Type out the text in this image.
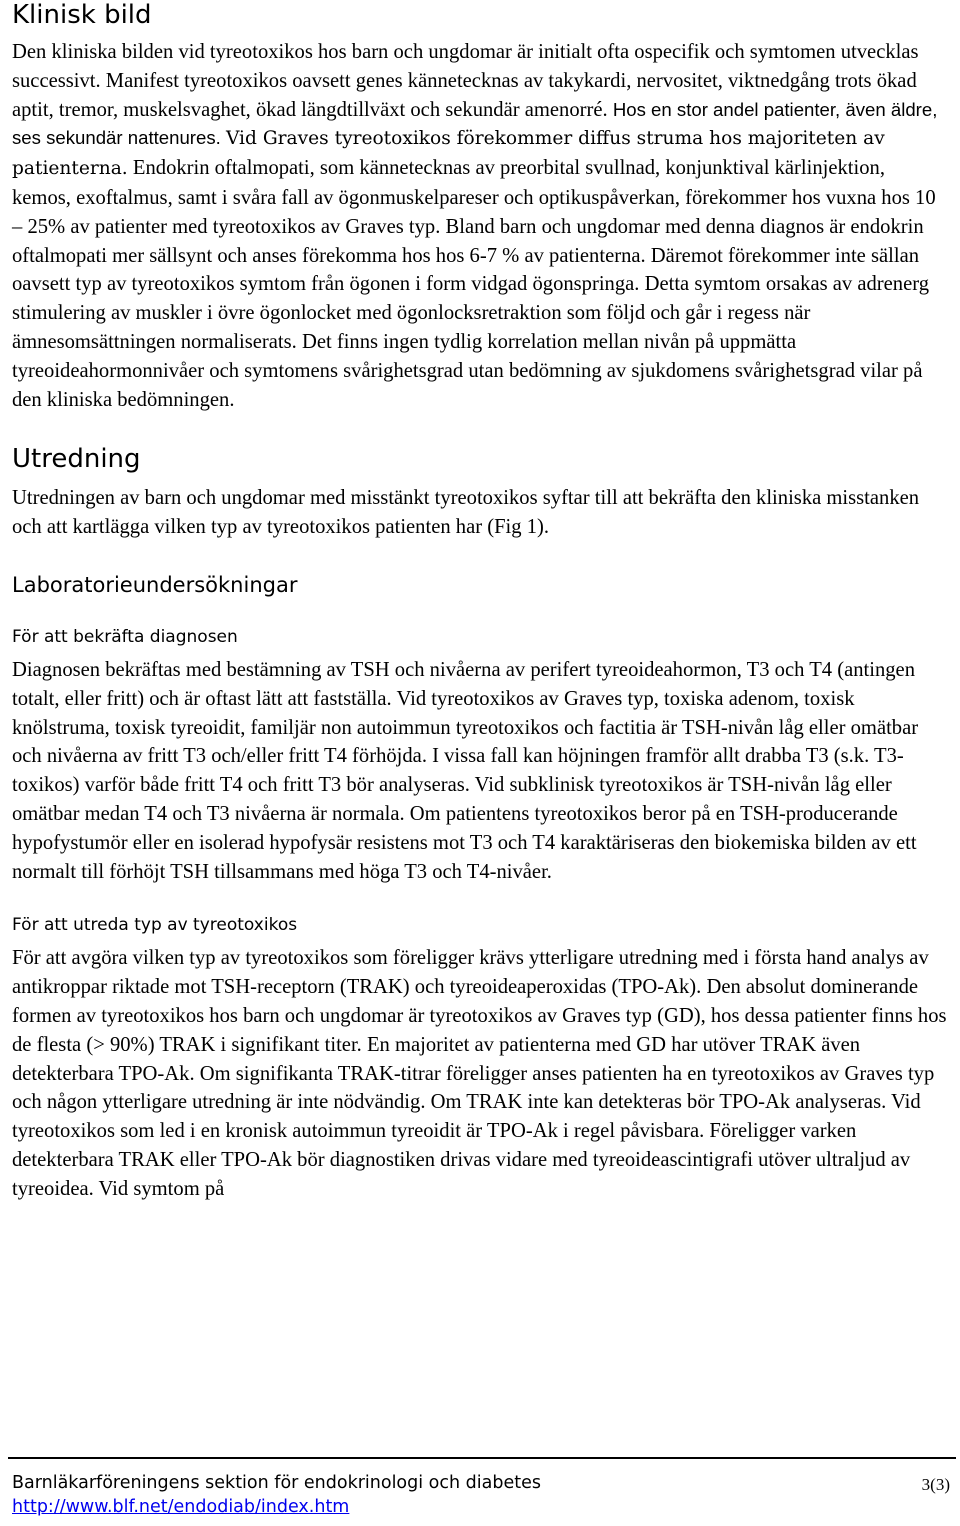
Klinisk bild

Den kliniska bilden vid tyreotoxikos hos barn och ungdomar är initialt ofta ospecifik och symtomen utvecklas successivt. Manifest tyreotoxikos oavsett genes kännetecknas av takykardi, nervositet, viktnedgång trots ökad aptit, tremor, muskelsvaghet, ökad längdtillväxt och sekundär amenorré. Hos en stor andel patienter, även äldre, ses sekundär nattenures. Vid Graves tyreotoxikos förekommer diffus struma hos majoriteten av patienterna. Endokrin oftalmopati, som kännetecknas av preorbital svullnad, konjunktival kärlinjektion, kemos, exoftalmus, samt i svåra fall av ögonmuskelpareser och optikuspåverkan, förekommer hos vuxna hos 10 – 25% av patienter med tyreotoxikos av Graves typ. Bland barn och ungdomar med denna diagnos är endokrin oftalmopati mer sällsynt och anses förekomma hos hos 6-7 % av patienterna. Däremot förekommer inte sällan oavsett typ av tyreotoxikos symtom från ögonen i form vidgad ögonspringa. Detta symtom orsakas av adrenerg stimulering av muskler i övre ögonlocket med ögonlocksretraktion som följd och går i regess när ämnesomsättningen normaliserats. Det finns ingen tydlig korrelation mellan nivån på uppmätta tyreoideahormonnivåer och symtomens svårighetsgrad utan bedömning av sjukdomens svårighetsgrad vilar på den kliniska bedömningen.

Utredning

Utredningen av barn och ungdomar med misstänkt tyreotoxikos syftar till att bekräfta den kliniska misstanken och att kartlägga vilken typ av tyreotoxikos patienten har (Fig 1).

Laboratorieundersökningar
För att bekräfta diagnosen

Diagnosen bekräftas med bestämning av TSH och nivåerna av perifert tyreoideahormon, T3 och T4 (antingen totalt, eller fritt) och är oftast lätt att fastställa. Vid tyreotoxikos av Graves typ, toxiska adenom, toxisk knölstruma, toxisk tyreoidit, familjär non autoimmun tyreotoxikos och factitia är TSH-nivån låg eller omätbar och nivåerna av fritt T3 och/eller fritt T4 förhöjda. I vissa fall kan höjningen framför allt drabba T3 (s.k. T3-toxikos) varför både fritt T4 och fritt T3 bör analyseras. Vid subklinisk tyreotoxikos är TSH-nivån låg eller omätbar medan T4 och T3 nivåerna är normala. Om patientens tyreotoxikos beror på en TSH-producerande hypofystumör eller en isolerad hypofysär resistens mot T3 och T4 karaktäriseras den biokemiska bilden av ett normalt till förhöjt TSH tillsammans med höga T3 och T4-nivåer.

För att utreda typ av tyreotoxikos

För att avgöra vilken typ av tyreotoxikos som föreligger krävs ytterligare utredning med i första hand analys av antikroppar riktade mot TSH-receptorn (TRAK) och tyreoideaperoxidas (TPO-Ak). Den absolut dominerande formen av tyreotoxikos hos barn och ungdomar är tyreotoxikos av Graves typ (GD), hos dessa patienter finns hos de flesta (> 90%) TRAK i signifikant titer. En majoritet av patienterna med GD har utöver TRAK även detekterbara TPO-Ak. Om signifikanta TRAK-titrar föreligger anses patienten ha en tyreotoxikos av Graves typ och någon ytterligare utredning är inte nödvändig. Om TRAK inte kan detekteras bör TPO-Ak analyseras. Vid tyreotoxikos som led i en kronisk autoimmun tyreoidit är TPO-Ak i regel påvisbara. Föreligger varken detekterbara TRAK eller TPO-Ak bör diagnostiken drivas vidare med tyreoideascintigrafi utöver ultraljud av tyreoidea. Vid symtom på

Barnläkarföreningens sektion för endokrinologi och diabetes
http://www.blf.net/endodiab/index.htm
3(3)
